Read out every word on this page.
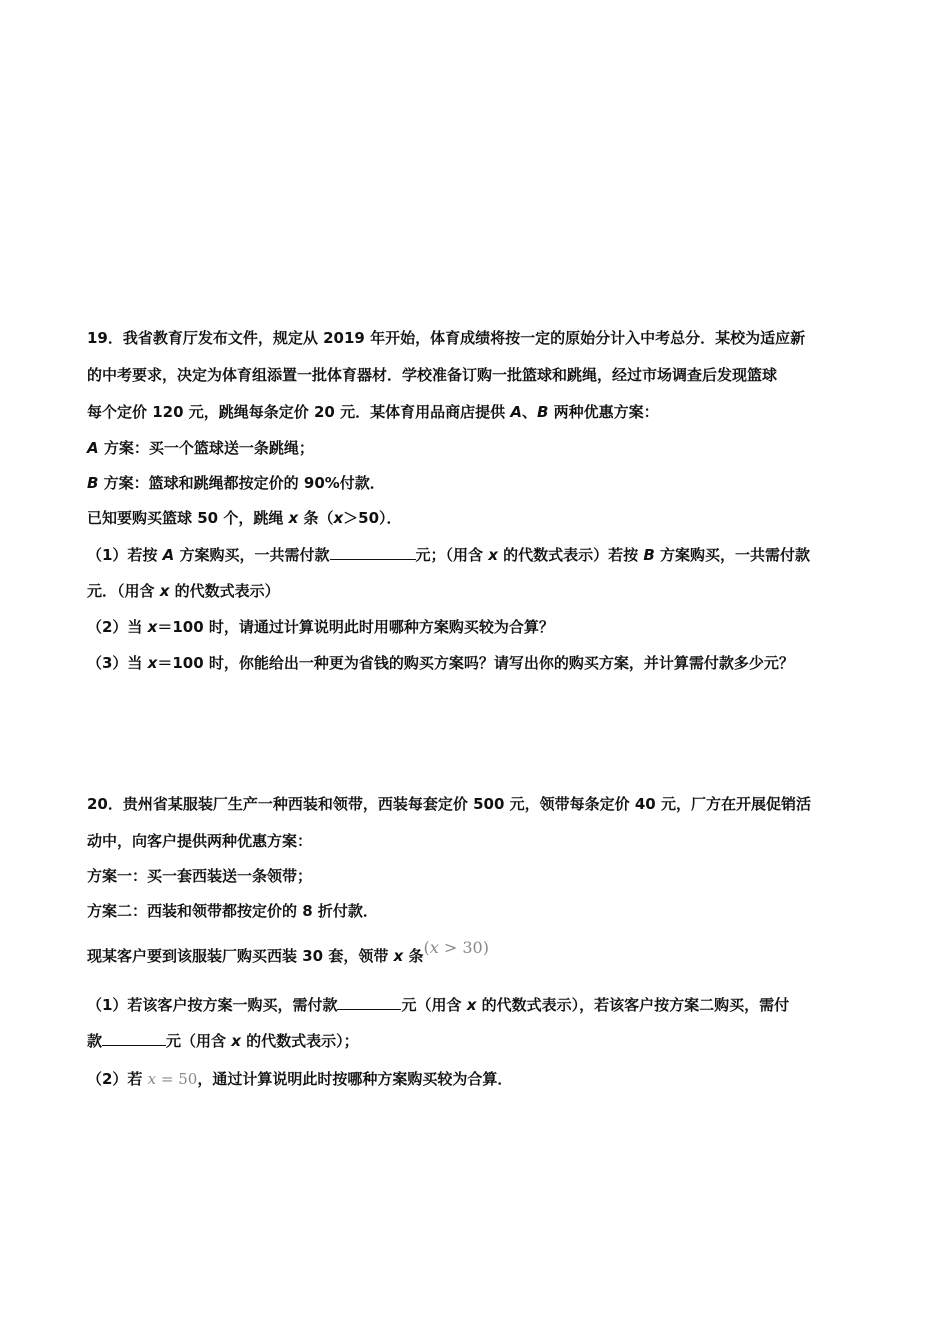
19．我省教育厅发布文件，规定从 2019 年开始，体育成绩将按一定的原始分计入中考总分．某校为适应新
的中考要求，决定为体育组添置一批体育器材．学校准备订购一批篮球和跳绳，经过市场调查后发现篮球
每个定价 120 元，跳绳每条定价 20 元．某体育用品商店提供 A、B 两种优惠方案：
A 方案：买一个篮球送一条跳绳；
B 方案：篮球和跳绳都按定价的 90%付款．
已知要购买篮球 50 个，跳绳 x 条（x＞50）．
（1）若按 A 方案购买，一共需付款	元；（用含 x 的代数式表示）若按 B 方案购买，一共需付款
元．（用含 x 的代数式表示）
（2）当 x＝100 时，请通过计算说明此时用哪种方案购买较为合算？
（3）当 x＝100 时，你能给出一种更为省钱的购买方案吗？请写出你的购买方案，并计算需付款多少元？
20．贵州省某服装厂生产一种西装和领带，西装每套定价 500 元，领带每条定价 40 元，厂方在开展促销活
动中，向客户提供两种优惠方案：
方案一：买一套西装送一条领带；
方案二：西装和领带都按定价的 8 折付款．
现某客户要到该服装厂购买西装 30 套，领带 x 条(x > 30)
（1）若该客户按方案一购买，需付款	元（用含 x 的代数式表示），若该客户按方案二购买，需付
款	元（用含 x 的代数式表示）；
（2）若 x = 50，通过计算说明此时按哪种方案购买较为合算．
